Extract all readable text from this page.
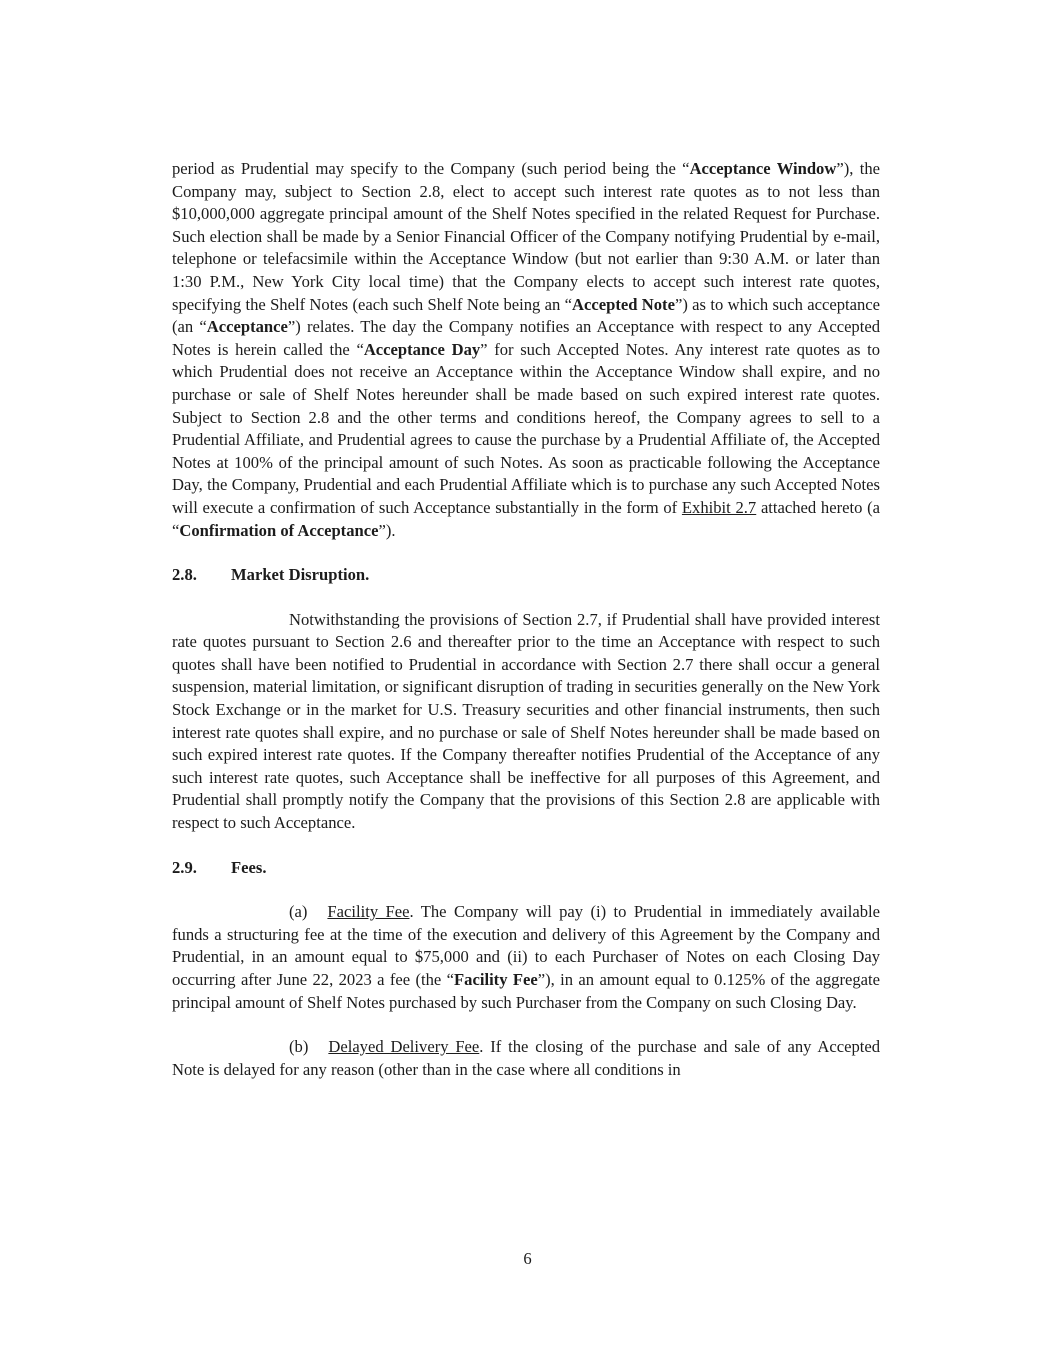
period as Prudential may specify to the Company (such period being the “Acceptance Window”), the Company may, subject to Section 2.8, elect to accept such interest rate quotes as to not less than $10,000,000 aggregate principal amount of the Shelf Notes specified in the related Request for Purchase. Such election shall be made by a Senior Financial Officer of the Company notifying Prudential by e-mail, telephone or telefacsimile within the Acceptance Window (but not earlier than 9:30 A.M. or later than 1:30 P.M., New York City local time) that the Company elects to accept such interest rate quotes, specifying the Shelf Notes (each such Shelf Note being an “Accepted Note”) as to which such acceptance (an “Acceptance”) relates. The day the Company notifies an Acceptance with respect to any Accepted Notes is herein called the “Acceptance Day” for such Accepted Notes. Any interest rate quotes as to which Prudential does not receive an Acceptance within the Acceptance Window shall expire, and no purchase or sale of Shelf Notes hereunder shall be made based on such expired interest rate quotes. Subject to Section 2.8 and the other terms and conditions hereof, the Company agrees to sell to a Prudential Affiliate, and Prudential agrees to cause the purchase by a Prudential Affiliate of, the Accepted Notes at 100% of the principal amount of such Notes. As soon as practicable following the Acceptance Day, the Company, Prudential and each Prudential Affiliate which is to purchase any such Accepted Notes will execute a confirmation of such Acceptance substantially in the form of Exhibit 2.7 attached hereto (a “Confirmation of Acceptance”).

2.8.	Market Disruption.

Notwithstanding the provisions of Section 2.7, if Prudential shall have provided interest rate quotes pursuant to Section 2.6 and thereafter prior to the time an Acceptance with respect to such quotes shall have been notified to Prudential in accordance with Section 2.7 there shall occur a general suspension, material limitation, or significant disruption of trading in securities generally on the New York Stock Exchange or in the market for U.S. Treasury securities and other financial instruments, then such interest rate quotes shall expire, and no purchase or sale of Shelf Notes hereunder shall be made based on such expired interest rate quotes. If the Company thereafter notifies Prudential of the Acceptance of any such interest rate quotes, such Acceptance shall be ineffective for all purposes of this Agreement, and Prudential shall promptly notify the Company that the provisions of this Section 2.8 are applicable with respect to such Acceptance.

2.9.	Fees.

(a) Facility Fee. The Company will pay (i) to Prudential in immediately available funds a structuring fee at the time of the execution and delivery of this Agreement by the Company and Prudential, in an amount equal to $75,000 and (ii) to each Purchaser of Notes on each Closing Day occurring after June 22, 2023 a fee (the “Facility Fee”), in an amount equal to 0.125% of the aggregate principal amount of Shelf Notes purchased by such Purchaser from the Company on such Closing Day.

(b) Delayed Delivery Fee. If the closing of the purchase and sale of any Accepted Note is delayed for any reason (other than in the case where all conditions in

6
